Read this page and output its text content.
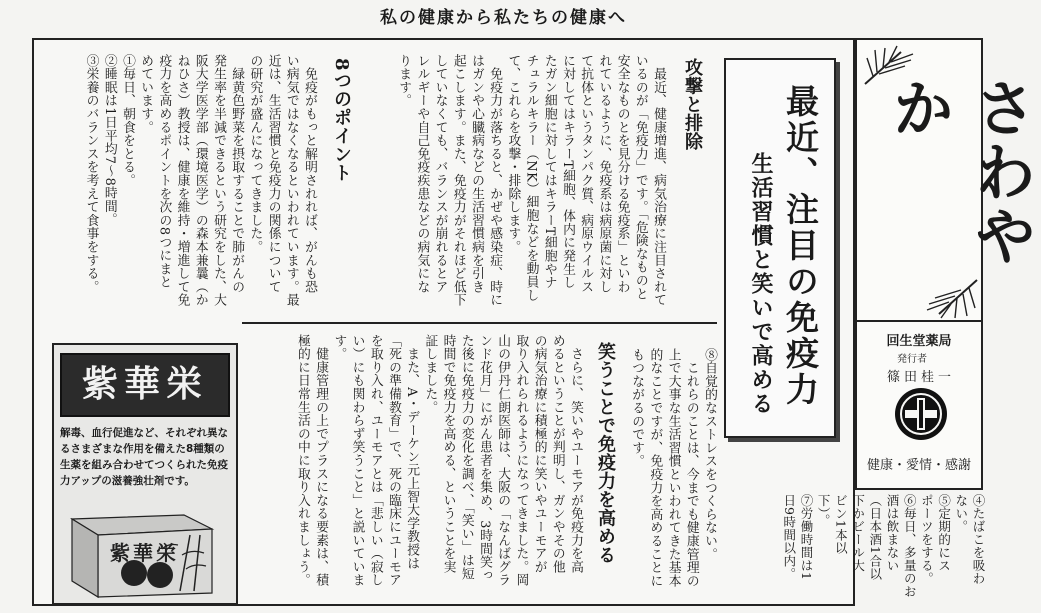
私の健康から私たちの健康へ
攻撃と排除
　最近、健康増進、病気治療に注目されて
いるのが「免疫力」です。「危険なものと
安全なものとを見分ける免疫系」といわ
れているように、免疫系は病原菌に対し
て抗体というタンパク質、病原ウイルス
に対してはキラーT細胞、体内に発生し
たガン細胞に対してはキラーT細胞やナ
チュラルキラー（NK）細胞などを動員し
て、これらを攻撃・排除します。
　免疫力が落ちると、かぜや感染症、時に
はガンや心臓病などの生活習慣病を引き
起こします。また、免疫力がそれほど低下
していなくても、バランスが崩れるとア
レルギーや自己免疫疾患などの病気にな
ります。
8つのポイント
　免疫がもっと解明されれば、がんも恐
い病気ではなくなるといわれています。最
近は、生活習慣と免疫力の関係について
の研究が盛んになってきました。
　緑黄色野菜を摂取することで肺がんの
発生率を半減できるという研究をした、大
阪大学医学部（環境医学）の森本兼曩（か
ねひさ）教授は、健康を維持・増進して免
疫力を高めるポイントを次の8つにまと
めています。
①毎日、朝食をとる。
②睡眠は1日平均7〜8時間。
③栄養のバランスを考えて食事をする。	最近、注目の免疫力
生活習慣と笑いで高める
⑧自覚的なストレスをつくらない。
　これらのことは、今までも健康管理の
上で大事な生活習慣といわれてきた基本
的なことですが、免疫力を高めることに
もつながるのです。
笑うことで免疫力を高める
　さらに、笑いやユーモアが免疫力を高
めるということが判明し、ガンやその他
の病気治療に積極的に笑いやユーモアが
取り入れられるようになってきました。岡
山の伊丹仁朗医師は、大阪の「なんばグラ
ンド花月」にがん患者を集め、3時間笑っ
た後に免疫力の変化を調べ、「笑い」は短
時間で免疫力を高める、ということを実
証しました。
　また、A・デーケン元上智大学教授は
「死の準備教育」で、死の臨床にユーモア
を取り入れ、ユーモアとは「悲しい（寂し
い）にも関わらず笑うこと」と説いていま
す。
　健康管理の上でプラスになる要素は、積
極的に日常生活の中に取り入れましょう。
紫華栄
解毒、血行促進など、それぞれ異なるさまざまな作用を備えた8種類の生薬を組み合わせてつくられた免疫力アップの滋養強壮剤です。
紫華栄
さわやか
回生堂薬局
発行者
篠田桂一
健康・愛情・感謝
④たばこを吸わ
ない。
⑤定期的にス
ポーツをする。
⑥毎日、多量のお
酒は飲まない
（日本酒1合以
下かビール大
ビン1本以
下）。
⑦労働時間は1
日9時間以内。
